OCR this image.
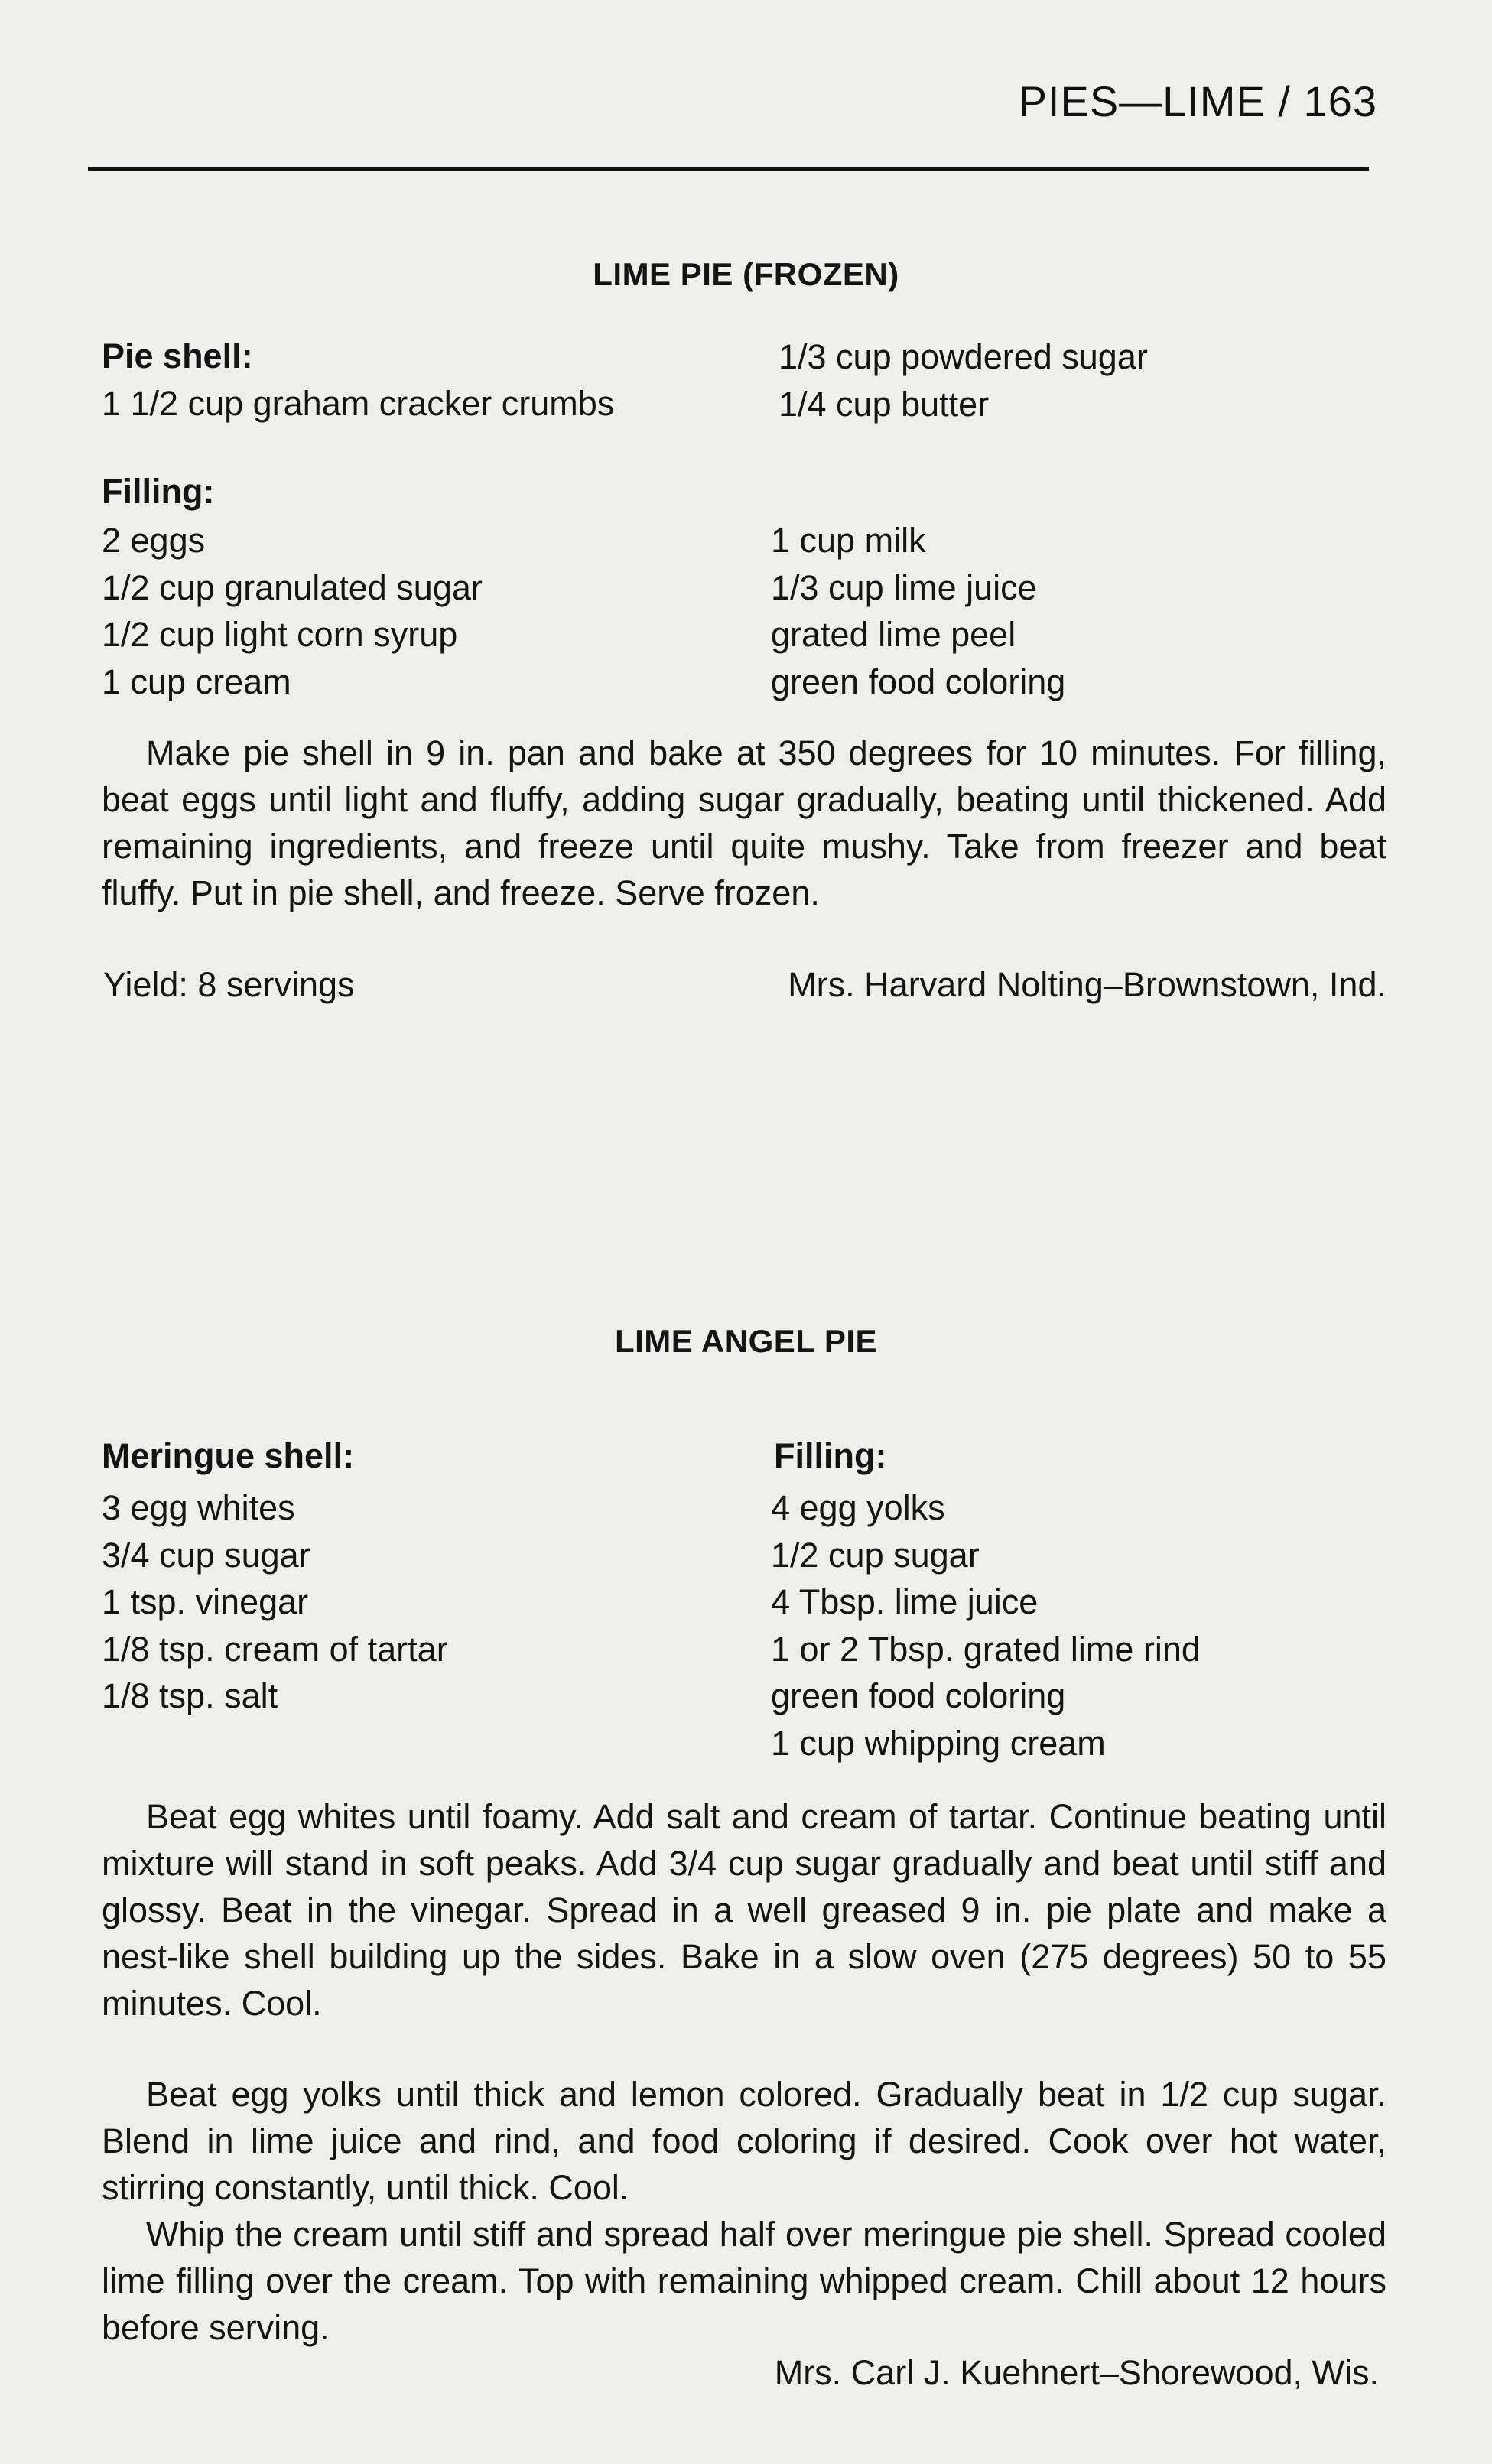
PIES—LIME / 163
LIME PIE (FROZEN)
Pie shell:
1 1/2 cup graham cracker crumbs
1/3 cup powdered sugar
1/4 cup butter
Filling:
2 eggs
1/2 cup granulated sugar
1/2 cup light corn syrup
1 cup cream
1 cup milk
1/3 cup lime juice
grated lime peel
green food coloring

Make pie shell in 9 in. pan and bake at 350 degrees for 10 minutes. For filling, beat eggs until light and fluffy, adding sugar gradually, beating until thickened. Add remaining ingredients, and freeze until quite mushy. Take from freezer and beat fluffy. Put in pie shell, and freeze. Serve frozen.

Yield: 8 servings	Mrs. Harvard Nolting–Brownstown, Ind.
LIME ANGEL PIE
Meringue shell:
3 egg whites
3/4 cup sugar
1 tsp. vinegar
1/8 tsp. cream of tartar
1/8 tsp. salt
Filling:
4 egg yolks
1/2 cup sugar
4 Tbsp. lime juice
1 or 2 Tbsp. grated lime rind
green food coloring
1 cup whipping cream

Beat egg whites until foamy. Add salt and cream of tartar. Continue beating until mixture will stand in soft peaks. Add 3/4 cup sugar gradually and beat until stiff and glossy. Beat in the vinegar. Spread in a well greased 9 in. pie plate and make a nest-like shell building up the sides. Bake in a slow oven (275 degrees) 50 to 55 minutes. Cool.

Beat egg yolks until thick and lemon colored. Gradually beat in 1/2 cup sugar. Blend in lime juice and rind, and food coloring if desired. Cook over hot water, stirring constantly, until thick. Cool.

Whip the cream until stiff and spread half over meringue pie shell. Spread cooled lime filling over the cream. Top with remaining whipped cream. Chill about 12 hours before serving.

Mrs. Carl J. Kuehnert–Shorewood, Wis.
